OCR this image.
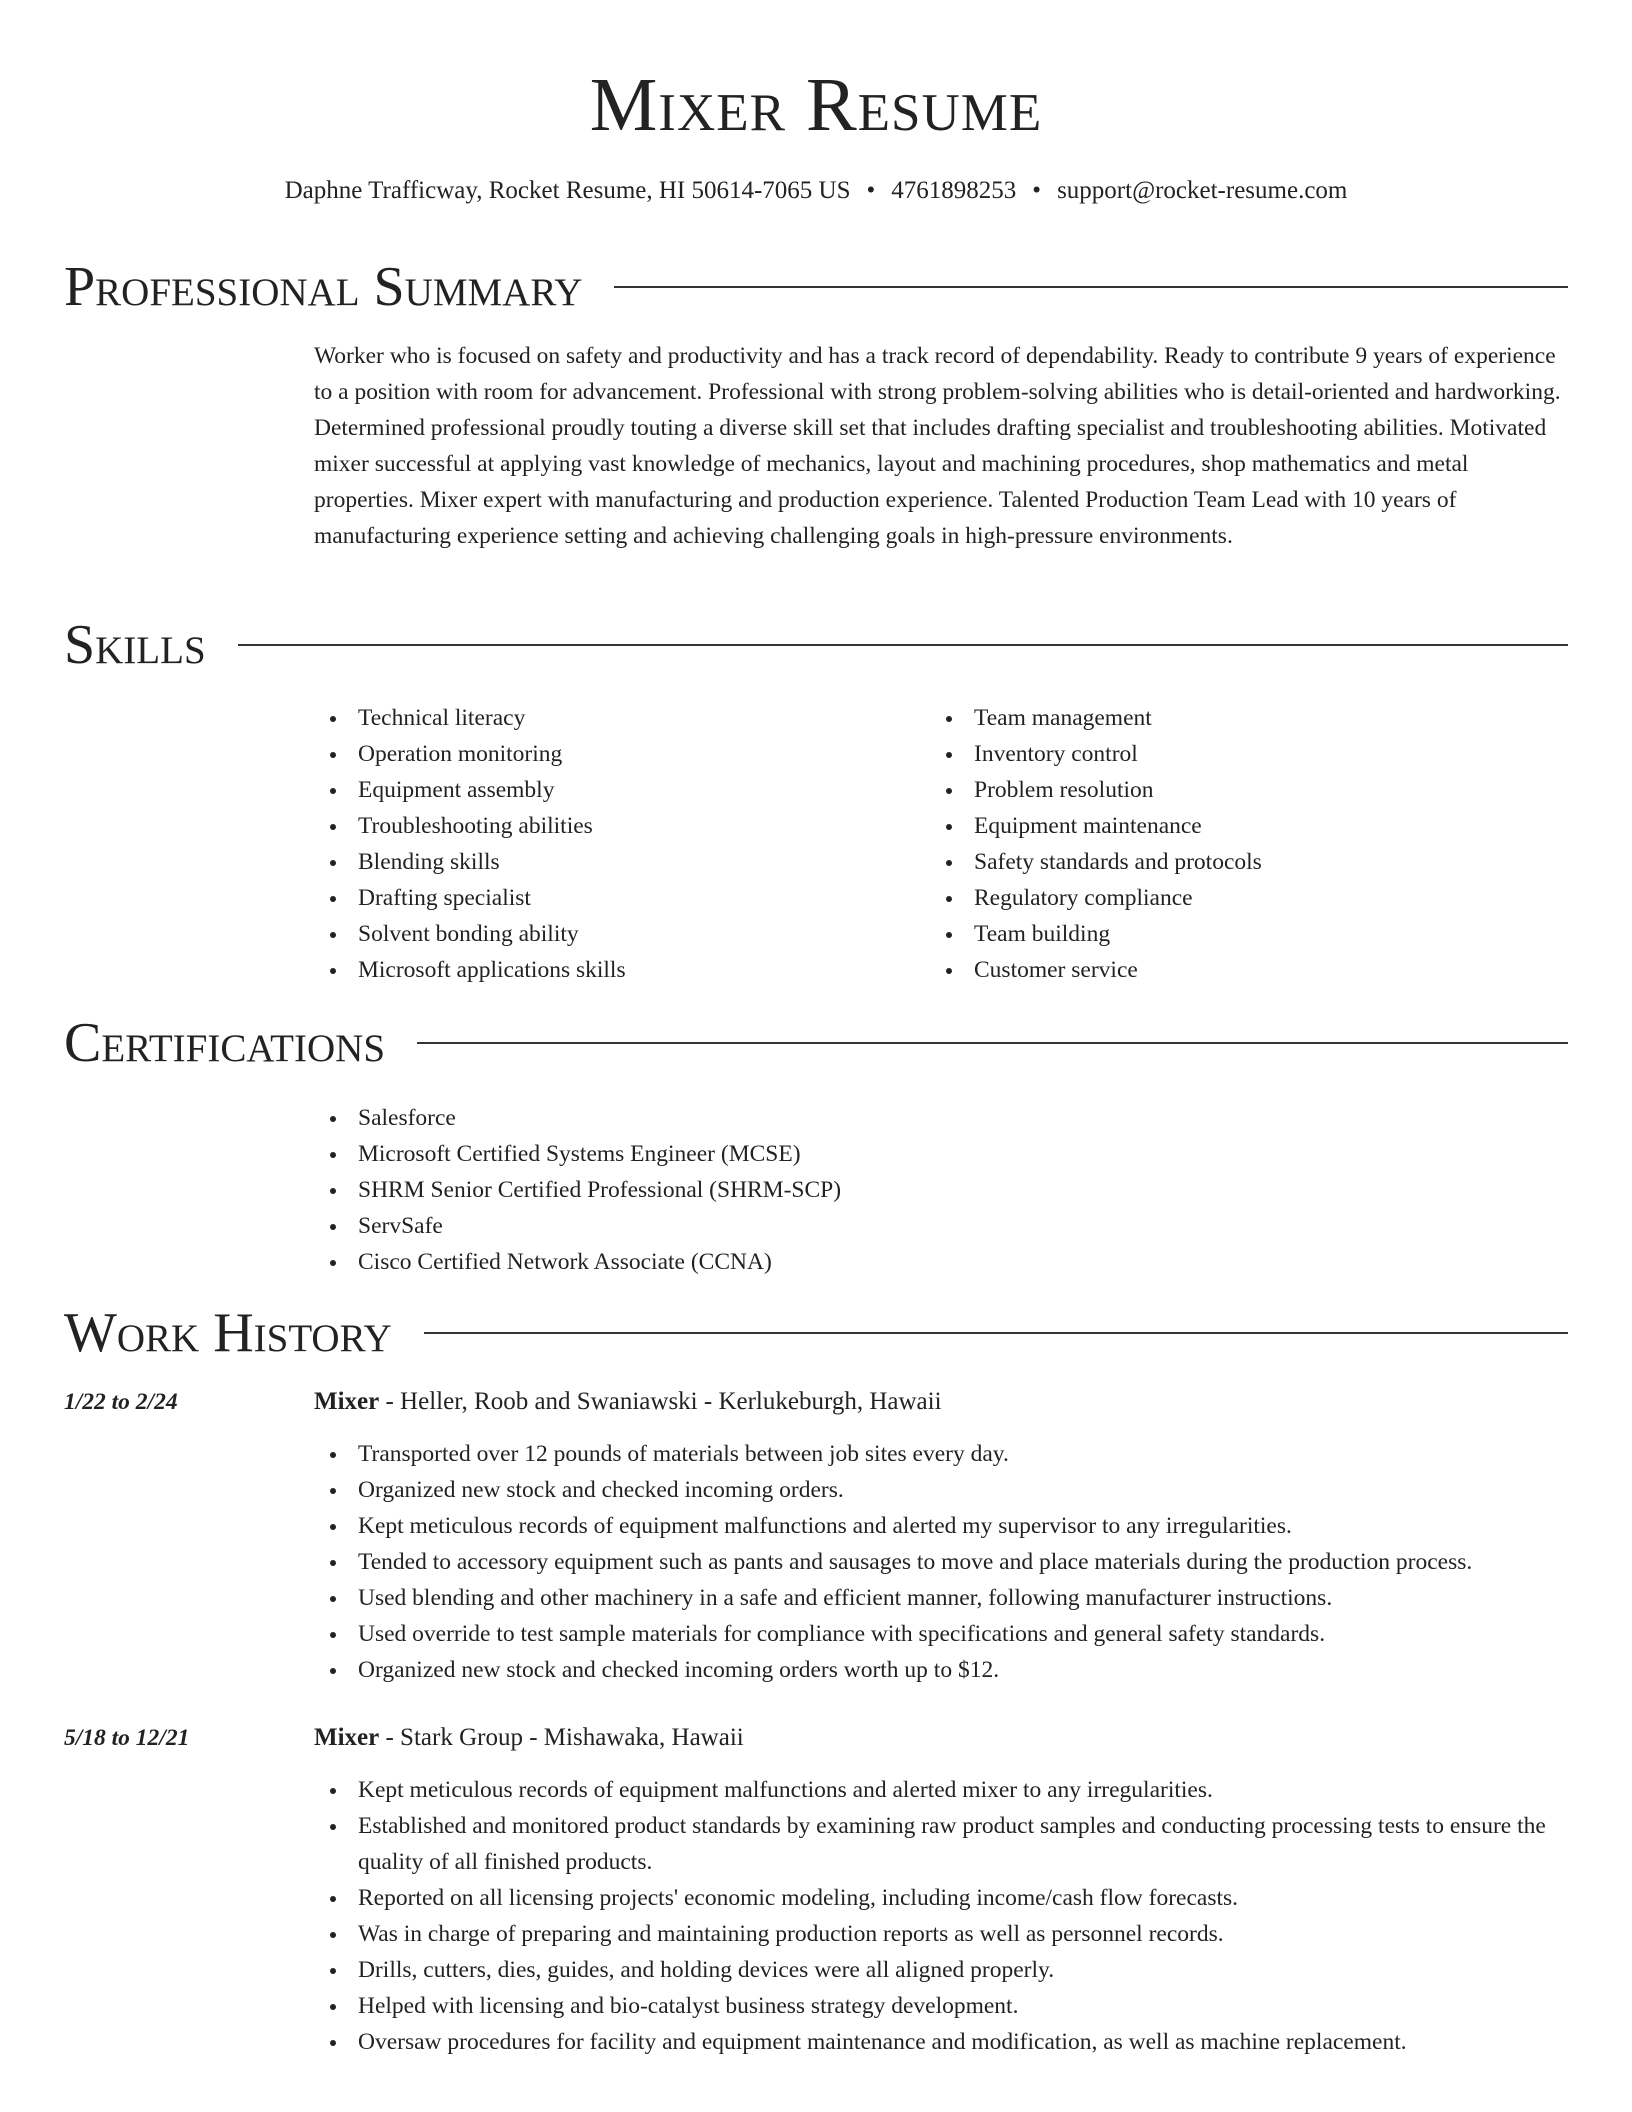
Mixer Resume
Daphne Trafficway, Rocket Resume, HI 50614-7065 US • 4761898253 • support@rocket-resume.com
Professional Summary

Worker who is focused on safety and productivity and has a track record of dependability. Ready to contribute 9 years of experience to a position with room for advancement. Professional with strong problem-solving abilities who is detail-oriented and hardworking. Determined professional proudly touting a diverse skill set that includes drafting specialist and troubleshooting abilities. Motivated mixer successful at applying vast knowledge of mechanics, layout and machining procedures, shop mathematics and metal properties. Mixer expert with manufacturing and production experience. Talented Production Team Lead with 10 years of manufacturing experience setting and achieving challenging goals in high-pressure environments.

Skills
Technical literacy
Operation monitoring
Equipment assembly
Troubleshooting abilities
Blending skills
Drafting specialist
Solvent bonding ability
Microsoft applications skills
Team management
Inventory control
Problem resolution
Equipment maintenance
Safety standards and protocols
Regulatory compliance
Team building
Customer service
Certifications
Salesforce
Microsoft Certified Systems Engineer (MCSE)
SHRM Senior Certified Professional (SHRM-SCP)
ServSafe
Cisco Certified Network Associate (CCNA)
Work History
1/22 to 2/24	Mixer - Heller, Roob and Swaniawski - Kerlukeburgh, Hawaii
Transported over 12 pounds of materials between job sites every day.
Organized new stock and checked incoming orders.
Kept meticulous records of equipment malfunctions and alerted my supervisor to any irregularities.
Tended to accessory equipment such as pants and sausages to move and place materials during the production process.
Used blending and other machinery in a safe and efficient manner, following manufacturer instructions.
Used override to test sample materials for compliance with specifications and general safety standards.
Organized new stock and checked incoming orders worth up to $12.
5/18 to 12/21	Mixer - Stark Group - Mishawaka, Hawaii
Kept meticulous records of equipment malfunctions and alerted mixer to any irregularities.
Established and monitored product standards by examining raw product samples and conducting processing tests to ensure the quality of all finished products.
Reported on all licensing projects' economic modeling, including income/cash flow forecasts.
Was in charge of preparing and maintaining production reports as well as personnel records.
Drills, cutters, dies, guides, and holding devices were all aligned properly.
Helped with licensing and bio-catalyst business strategy development.
Oversaw procedures for facility and equipment maintenance and modification, as well as machine replacement.
